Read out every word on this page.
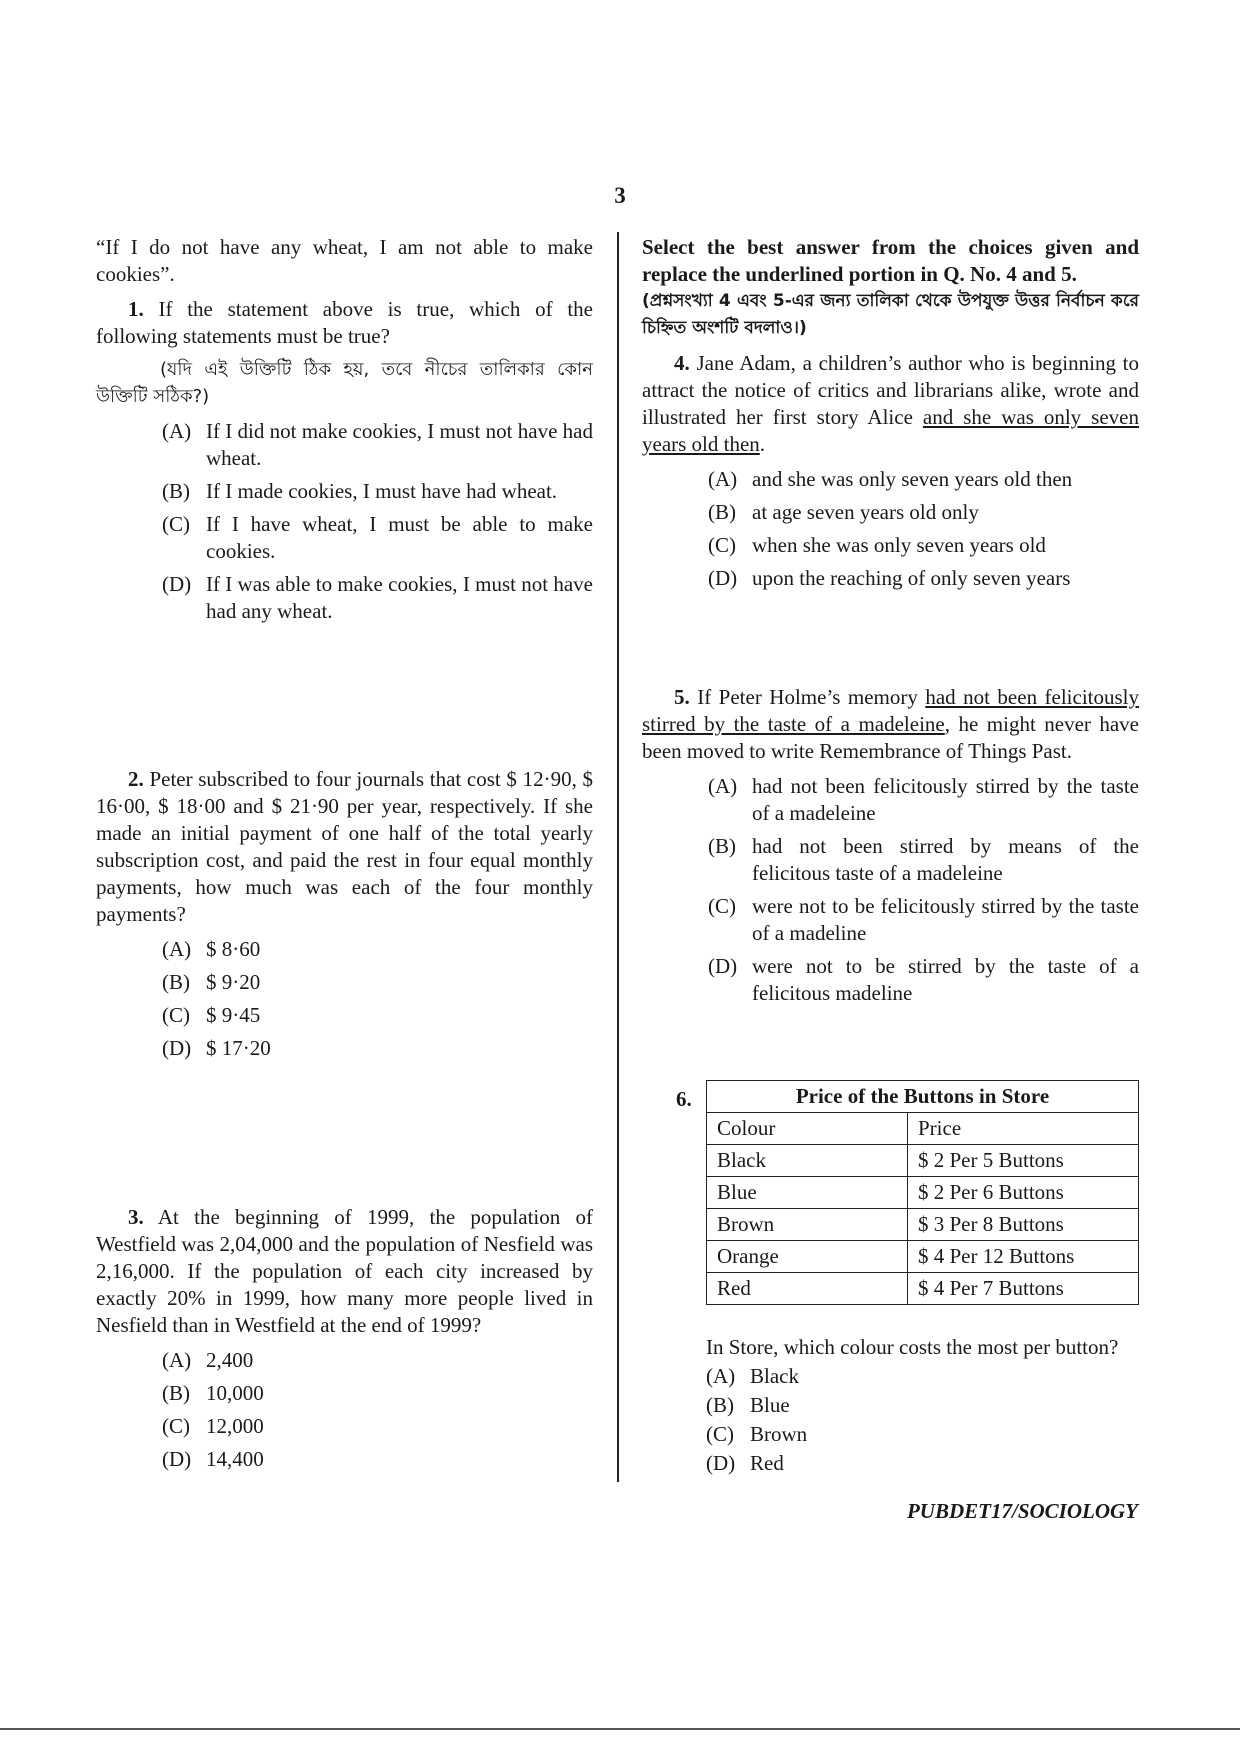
3

“If I do not have any wheat, I am not able to make cookies”.

1. If the statement above is true, which of the following statements must be true?

(যদি এই উক্তিটি ঠিক হয়, তবে নীচের তালিকার কোন উক্তিটি সঠিক?)

(A) If I did not make cookies, I must not have had wheat.
(B) If I made cookies, I must have had wheat.
(C) If I have wheat, I must be able to make cookies.
(D) If I was able to make cookies, I must not have had any wheat.

2. Peter subscribed to four journals that cost $ 12·90, $ 16·00, $ 18·00 and $ 21·90 per year, respectively. If she made an initial payment of one half of the total yearly subscription cost, and paid the rest in four equal monthly payments, how much was each of the four monthly payments?

(A) $ 8·60
(B) $ 9·20
(C) $ 9·45
(D) $ 17·20

3. At the beginning of 1999, the population of Westfield was 2,04,000 and the population of Nesfield was 2,16,000. If the population of each city increased by exactly 20% in 1999, how many more people lived in Nesfield than in Westfield at the end of 1999?

(A) 2,400
(B) 10,000
(C) 12,000
(D) 14,400

Select the best answer from the choices given and replace the underlined portion in Q. No. 4 and 5.

(প্রশ্নসংখ্যা 4 এবং 5-এর জন্য তালিকা থেকে উপযুক্ত উত্তর নির্বাচন করে চিহ্নিত অংশটি বদলাও।)

4. Jane Adam, a children’s author who is beginning to attract the notice of critics and librarians alike, wrote and illustrated her first story Alice and she was only seven years old then.

(A) and she was only seven years old then
(B) at age seven years old only
(C) when she was only seven years old
(D) upon the reaching of only seven years

5. If Peter Holme’s memory had not been felicitously stirred by the taste of a madeleine, he might never have been moved to write Remembrance of Things Past.

(A) had not been felicitously stirred by the taste of a madeleine
(B) had not been stirred by means of the felicitous taste of a madeleine
(C) were not to be felicitously stirred by the taste of a madeline
(D) were not to be stirred by the taste of a felicitous madeline
6.	Price of the Buttons in Store	
Colour	Price
Black	$ 2 Per 5 Buttons
Blue	$ 2 Per 6 Buttons
Brown	$ 3 Per 8 Buttons
Orange	$ 4 Per 12 Buttons
Red	$ 4 Per 7 Buttons

In Store, which colour costs the most per button?

(A) Black
(B) Blue
(C) Brown
(D) Red
PUBDET17/SOCIOLOGY
